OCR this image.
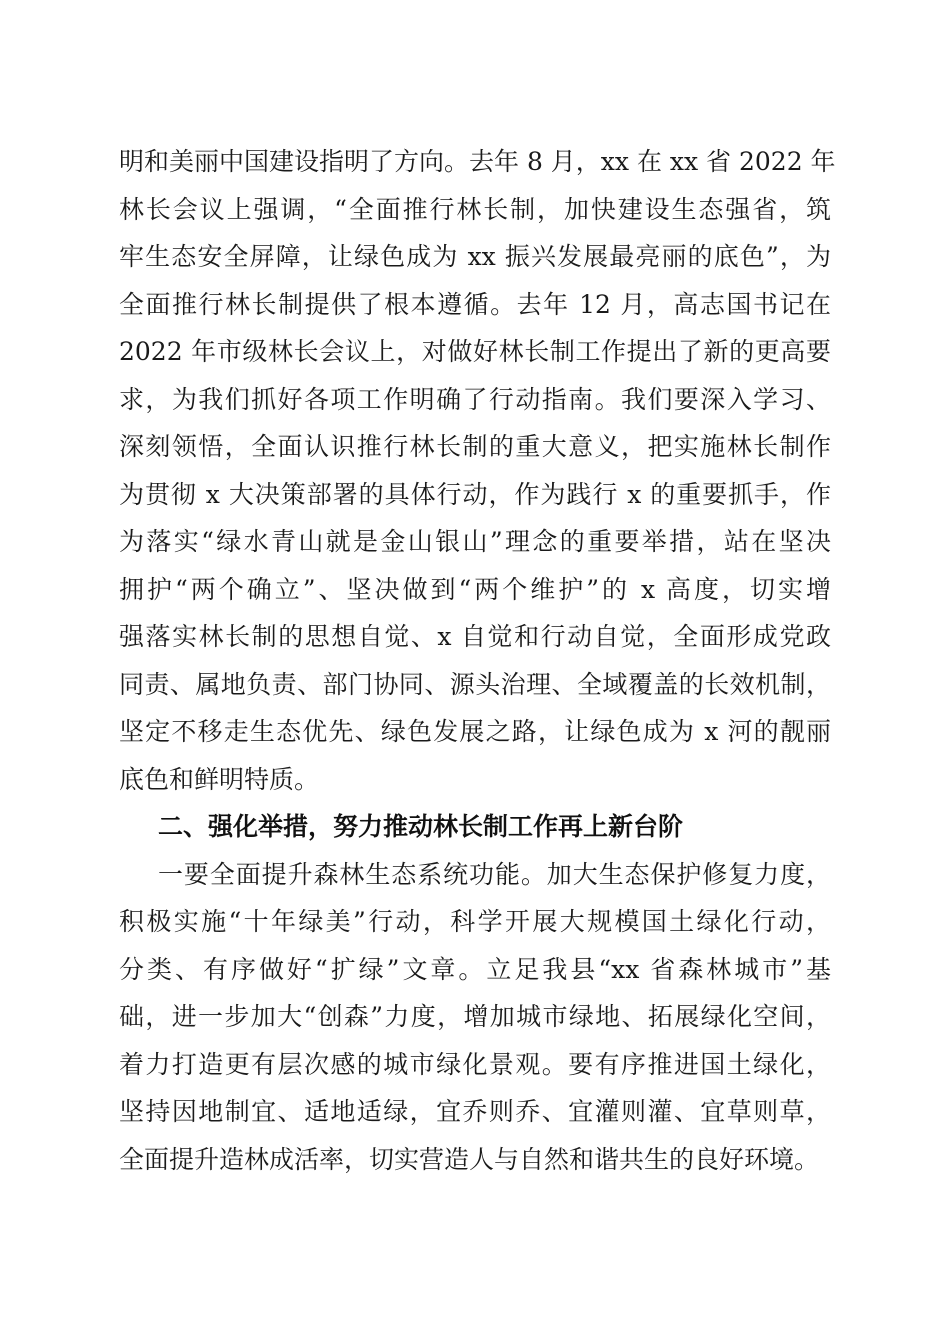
明和美丽中国建设指明了方向。去年 8 月，xx 在 xx 省 2022 年
林长会议上强调，“全面推行林长制，加快建设生态强省，筑
牢生态安全屏障，让绿色成为 xx 振兴发展最亮丽的底色”，为
全面推行林长制提供了根本遵循。去年 12 月，高志国书记在
2022 年市级林长会议上，对做好林长制工作提出了新的更高要
求，为我们抓好各项工作明确了行动指南。我们要深入学习、
深刻领悟，全面认识推行林长制的重大意义，把实施林长制作
为贯彻 x 大决策部署的具体行动，作为践行 x 的重要抓手，作
为落实“绿水青山就是金山银山”理念的重要举措，站在坚决
拥护“两个确立”、坚决做到“两个维护”的 x 高度，切实增
强落实林长制的思想自觉、x 自觉和行动自觉，全面形成党政
同责、属地负责、部门协同、源头治理、全域覆盖的长效机制，
坚定不移走生态优先、绿色发展之路，让绿色成为 x 河的靓丽
底色和鲜明特质。
二、强化举措，努力推动林长制工作再上新台阶
一要全面提升森林生态系统功能。加大生态保护修复力度，
积极实施“十年绿美”行动，科学开展大规模国土绿化行动，
分类、有序做好“扩绿”文章。立足我县“xx 省森林城市”基
础，进一步加大“创森”力度，增加城市绿地、拓展绿化空间，
着力打造更有层次感的城市绿化景观。要有序推进国土绿化，
坚持因地制宜、适地适绿，宜乔则乔、宜灌则灌、宜草则草，
全面提升造林成活率，切实营造人与自然和谐共生的良好环境。
